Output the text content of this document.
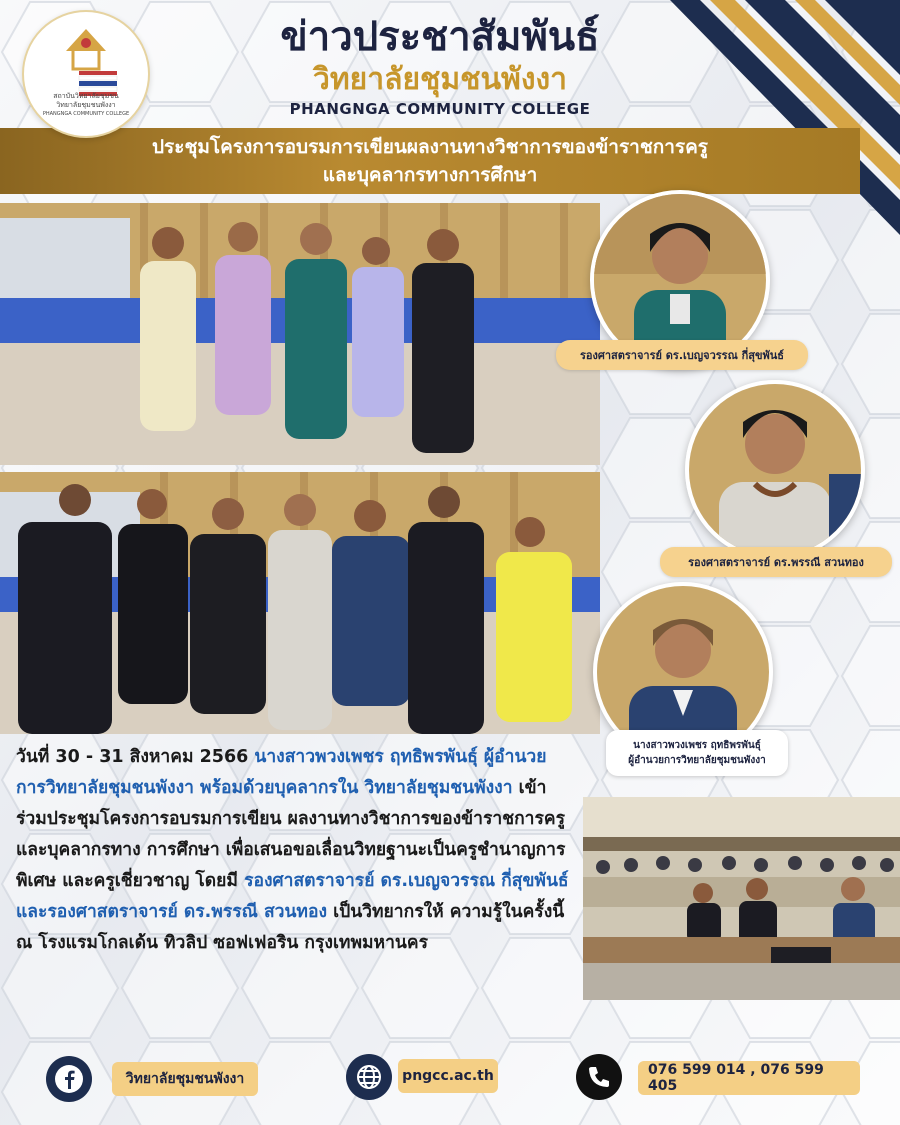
สถาบันวิทยาลัยชุมชน
วิทยาลัยชุมชนพังงา
PHANGNGA COMMUNITY COLLEGE
ข่าวประชาสัมพันธ์
วิทยาลัยชุมชนพังงา
PHANGNGA COMMUNITY COLLEGE
ประชุมโครงการอบรมการเขียนผลงานทางวิชาการของข้าราชการครู
และบุคลากรทางการศึกษา
รองศาสตราจารย์ ดร.เบญจวรรณ กี่สุขพันธ์
รองศาสตราจารย์ ดร.พรรณี สวนทอง
นางสาวพวงเพชร ฤทธิพรพันธุ์
ผู้อำนวยการวิทยาลัยชุมชนพังงา
วันที่ 30 - 31 สิงหาคม 2566 นางสาวพวงเพชร ฤทธิพรพันธุ์ ผู้อำนวยการวิทยาลัยชุมชนพังงา พร้อมด้วยบุคลากรใน วิทยาลัยชุมชนพังงา เข้าร่วมประชุมโครงการอบรมการเขียน ผลงานทางวิชาการของข้าราชการครูและบุคลากรทาง การศึกษา เพื่อเสนอขอเลื่อนวิทยฐานะเป็นครูชำนาญการพิเศษ และครูเชี่ยวชาญ โดยมี รองศาสตราจารย์ ดร.เบญจวรรณ กี่สุขพันธ์ และรองศาสตราจารย์ ดร.พรรณี สวนทอง เป็นวิทยากรให้ ความรู้ในครั้งนี้ ณ โรงแรมโกลเด้น ทิวลิป ซอฟเฟอริน กรุงเทพมหานคร
วิทยาลัยชุมชนพังงา	pngcc.ac.th	076 599 014 , 076 599 405
